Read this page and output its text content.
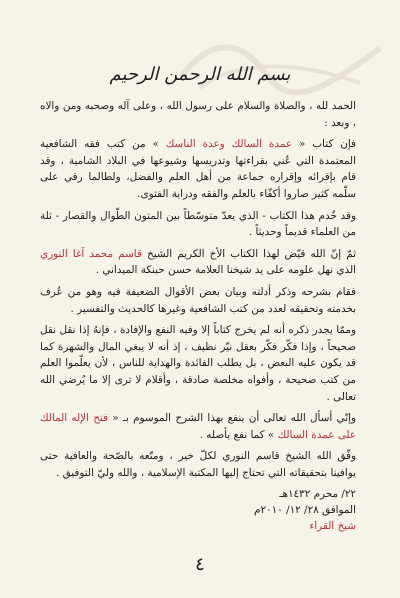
بسم الله الرحمن الرحيم

الحمد لله ، والصلاة والسلام على رسول الله ، وعلى آله وصحبه ومن والاه ، وبعد :

فإن كتاب « عمدة السالك وعدة الناسك » من كتب فقه الشافعية المعتمدة التي عُني بقراءتها وتدريسها وشيوعها في البلاد الشامية ، وقد قام بإقرائه وإقراره جماعة من أهل العلم والفضل، ولطالما رقي على سلّمه كثير صاروا أكفّاء بالعلم والفقه ودراية الفتوى.

وقد خُدم هذا الكتاب - الذي يعدّ متوسّطاً بين المتون الطّوال والقصار - ثلة من العلماء قديماً وحديثاً .

ثمّ إنّ الله قيّض لهذا الكتاب الأخ الكريم الشيخ قاسم محمد آغا النوري الذي نهل علومه على يد شيخنا العلامة حسن حبنكة الميداني .

فقام بشرحه وذكر أدلته وبيان بعض الأقوال الضعيفة فيه وهو من عُرف بخدمته وتحقيقه لعدد من كتب الشافعية وغيرها كالحديث والتفسير .

وممّا يجدر ذكره أنه لم يخرج كتاباً إلا وفيه النفع والإفادة ، فإنهُ إذا نقل نقل صحيحاً ، وإذا فكّر فكّر بعقل نيّر نظيف ، إذ أنه لا يبغي المال والشهرة كما قد يكون عليه البعض ، بل يطلب الفائدة والهداية للناس ، لأن يعلّموا العلم من كتب صحيحة ، وأفواه مخلصة صادقة ، وأقلام لا ترى إلا ما يُرضي الله تعالى .

وإنّي أسأل الله تعالى أن ينفع بهذا الشرح الموسوم بـ « فتح الإله المالك على عمدة السالك » كما نفع بأصله .

وفّق الله الشيخ قاسم النوري لكلّ خير ، ومتّعه بالصّحة والعافية حتى يوافينا بتحقيقاته التي تحتاج إليها المكتبة الإسلامية ، والله وليّ التوفيق .

٢٢/ محرم ١٤٣٢هـ
الموافق ٢٨/ ١٢/ ٢٠١٠م
شيخ القراء
٤
